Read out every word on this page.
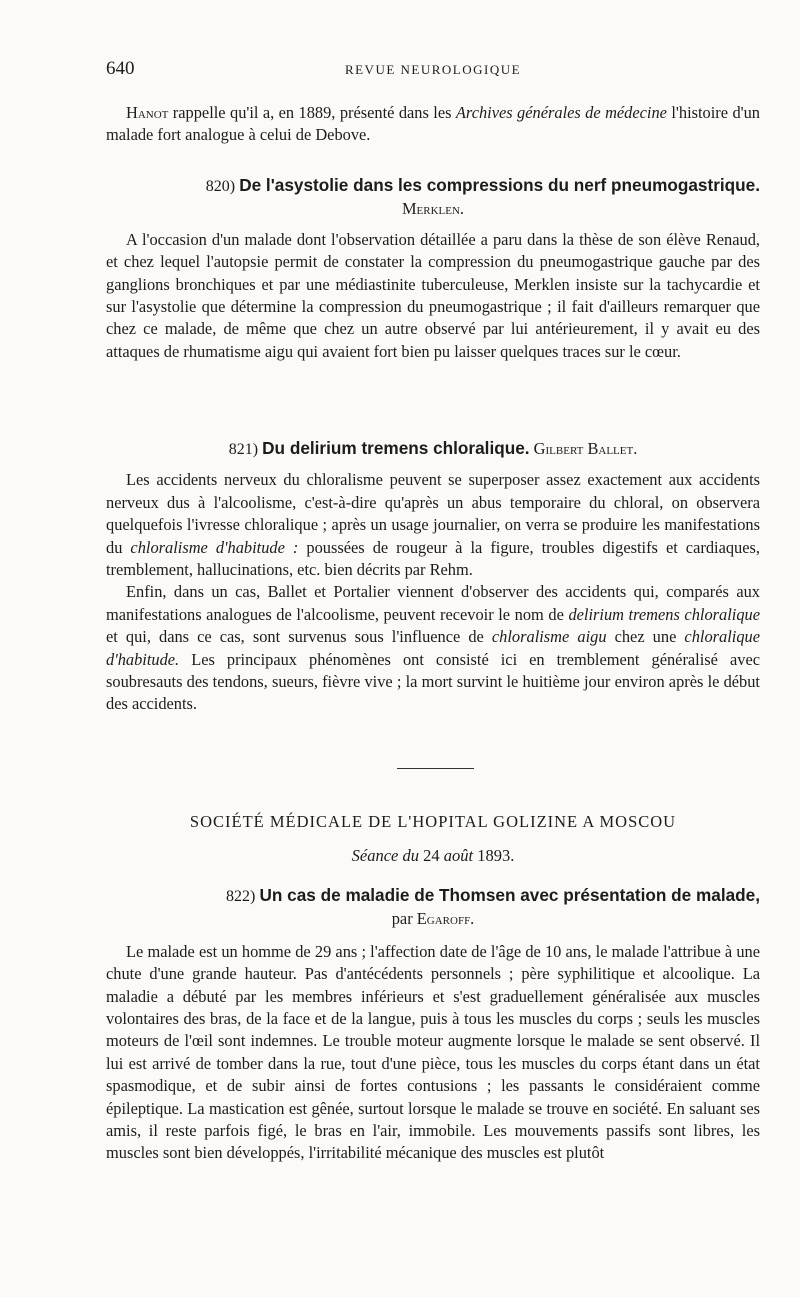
640	REVUE NEUROLOGIQUE

Hanot rappelle qu'il a, en 1889, présenté dans les Archives générales de médecine l'histoire d'un malade fort analogue à celui de Debove.

820) De l'asystolie dans les compressions du nerf pneumogastrique.
Merklen.

A l'occasion d'un malade dont l'observation détaillée a paru dans la thèse de son élève Renaud, et chez lequel l'autopsie permit de constater la compression du pneumogastrique gauche par des ganglions bronchiques et par une médiastinite tuberculeuse, Merklen insiste sur la tachycardie et sur l'asystolie que détermine la compression du pneumogastrique ; il fait d'ailleurs remarquer que chez ce malade, de même que chez un autre observé par lui antérieurement, il y avait eu des attaques de rhumatisme aigu qui avaient fort bien pu laisser quelques traces sur le cœur.

821) Du delirium tremens chloralique. Gilbert Ballet.

Les accidents nerveux du chloralisme peuvent se superposer assez exactement aux accidents nerveux dus à l'alcoolisme, c'est-à-dire qu'après un abus temporaire du chloral, on observera quelquefois l'ivresse chloralique ; après un usage journalier, on verra se produire les manifestations du chloralisme d'habitude : poussées de rougeur à la figure, troubles digestifs et cardiaques, tremblement, hallucinations, etc. bien décrits par Rehm.

Enfin, dans un cas, Ballet et Portalier viennent d'observer des accidents qui, comparés aux manifestations analogues de l'alcoolisme, peuvent recevoir le nom de delirium tremens chloralique et qui, dans ce cas, sont survenus sous l'influence de chloralisme aigu chez une chloralique d'habitude. Les principaux phénomènes ont consisté ici en tremblement généralisé avec soubresauts des tendons, sueurs, fièvre vive ; la mort survint le huitième jour environ après le début des accidents.

SOCIÉTÉ MÉDICALE DE L'HOPITAL GOLIZINE A MOSCOU
Séance du 24 août 1893.
822) Un cas de maladie de Thomsen avec présentation de malade,
par Egaroff.

Le malade est un homme de 29 ans ; l'affection date de l'âge de 10 ans, le malade l'attribue à une chute d'une grande hauteur. Pas d'antécédents personnels ; père syphilitique et alcoolique. La maladie a débuté par les membres inférieurs et s'est graduellement généralisée aux muscles volontaires des bras, de la face et de la langue, puis à tous les muscles du corps ; seuls les muscles moteurs de l'œil sont indemnes. Le trouble moteur augmente lorsque le malade se sent observé. Il lui est arrivé de tomber dans la rue, tout d'une pièce, tous les muscles du corps étant dans un état spasmodique, et de subir ainsi de fortes contusions ; les passants le considéraient comme épileptique. La mastication est gênée, surtout lorsque le malade se trouve en société. En saluant ses amis, il reste parfois figé, le bras en l'air, immobile. Les mouvements passifs sont libres, les muscles sont bien développés, l'irritabilité mécanique des muscles est plutôt
